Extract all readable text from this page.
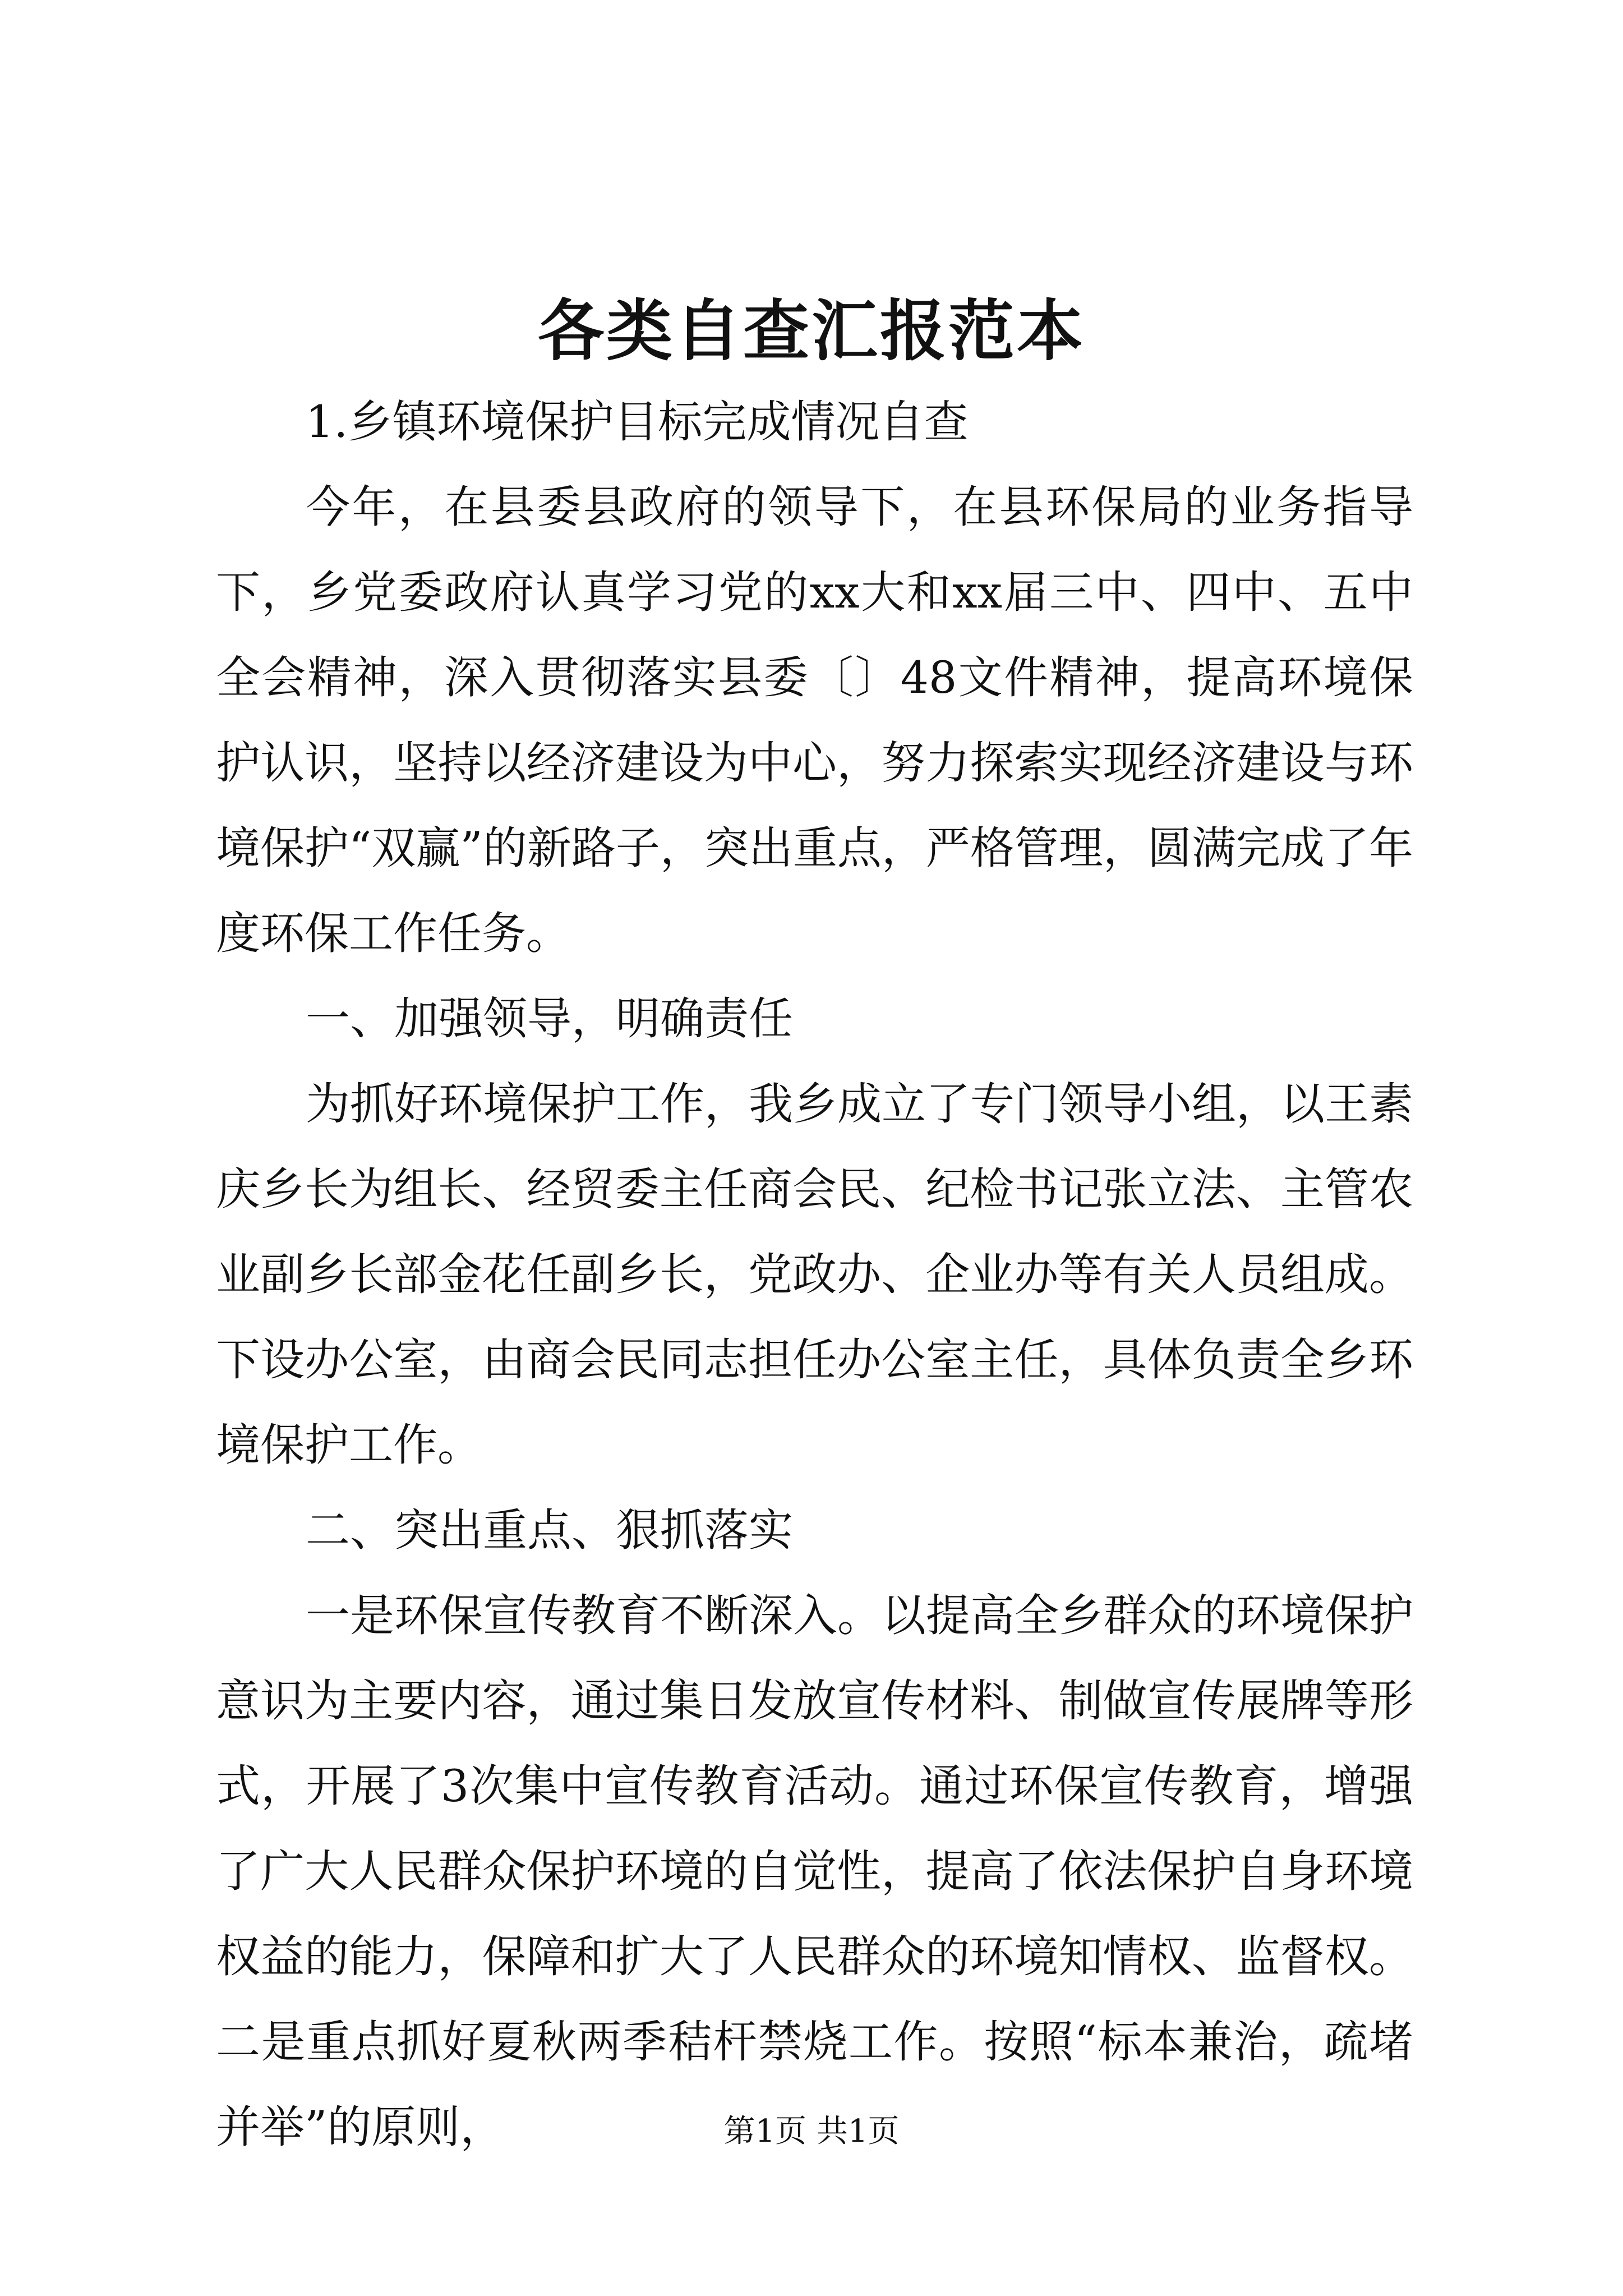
各类自查汇报范本

1.乡镇环境保护目标完成情况自查

今年，在县委县政府的领导下，在县环保局的业务指导下，乡党委政府认真学习党的xx大和xx届三中、四中、五中全会精神，深入贯彻落实县委〔〕48文件精神，提高环境保护认识，坚持以经济建设为中心，努力探索实现经济建设与环境保护“双赢”的新路子，突出重点，严格管理，圆满完成了年度环保工作任务。

一、加强领导，明确责任

为抓好环境保护工作，我乡成立了专门领导小组，以王素庆乡长为组长、经贸委主任商会民、纪检书记张立法、主管农业副乡长部金花任副乡长，党政办、企业办等有关人员组成。下设办公室，由商会民同志担任办公室主任，具体负责全乡环境保护工作。

二、突出重点、狠抓落实

一是环保宣传教育不断深入。以提高全乡群众的环境保护意识为主要内容，通过集日发放宣传材料、制做宣传展牌等形式，开展了3次集中宣传教育活动。通过环保宣传教育，增强了广大人民群众保护环境的自觉性，提高了依法保护自身环境权益的能力，保障和扩大了人民群众的环境知情权、监督权。二是重点抓好夏秋两季秸杆禁烧工作。按照“标本兼治，疏堵并举”的原则，	第1页 共1页
